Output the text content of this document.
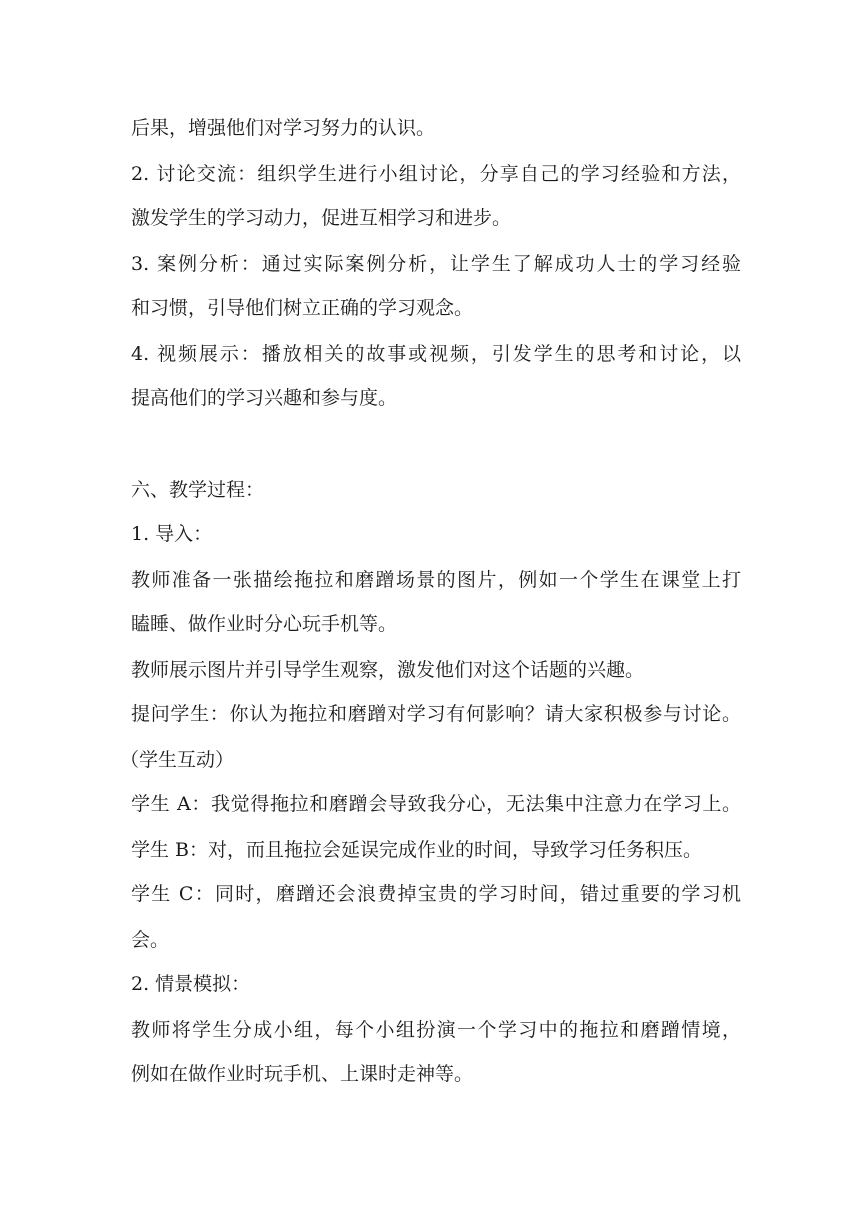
后果，增强他们对学习努力的认识。
2. 讨论交流：组织学生进行小组讨论，分享自己的学习经验和方法，
激发学生的学习动力，促进互相学习和进步。
3. 案例分析：通过实际案例分析，让学生了解成功人士的学习经验
和习惯，引导他们树立正确的学习观念。
4. 视频展示：播放相关的故事或视频，引发学生的思考和讨论，以
提高他们的学习兴趣和参与度。
六、教学过程：
1. 导入：
教师准备一张描绘拖拉和磨蹭场景的图片，例如一个学生在课堂上打
瞌睡、做作业时分心玩手机等。
教师展示图片并引导学生观察，激发他们对这个话题的兴趣。
提问学生：你认为拖拉和磨蹭对学习有何影响？请大家积极参与讨论。
（学生互动）
学生 A：我觉得拖拉和磨蹭会导致我分心，无法集中注意力在学习上。
学生 B：对，而且拖拉会延误完成作业的时间，导致学习任务积压。
学生 C：同时，磨蹭还会浪费掉宝贵的学习时间，错过重要的学习机
会。
2. 情景模拟：
教师将学生分成小组，每个小组扮演一个学习中的拖拉和磨蹭情境，
例如在做作业时玩手机、上课时走神等。
